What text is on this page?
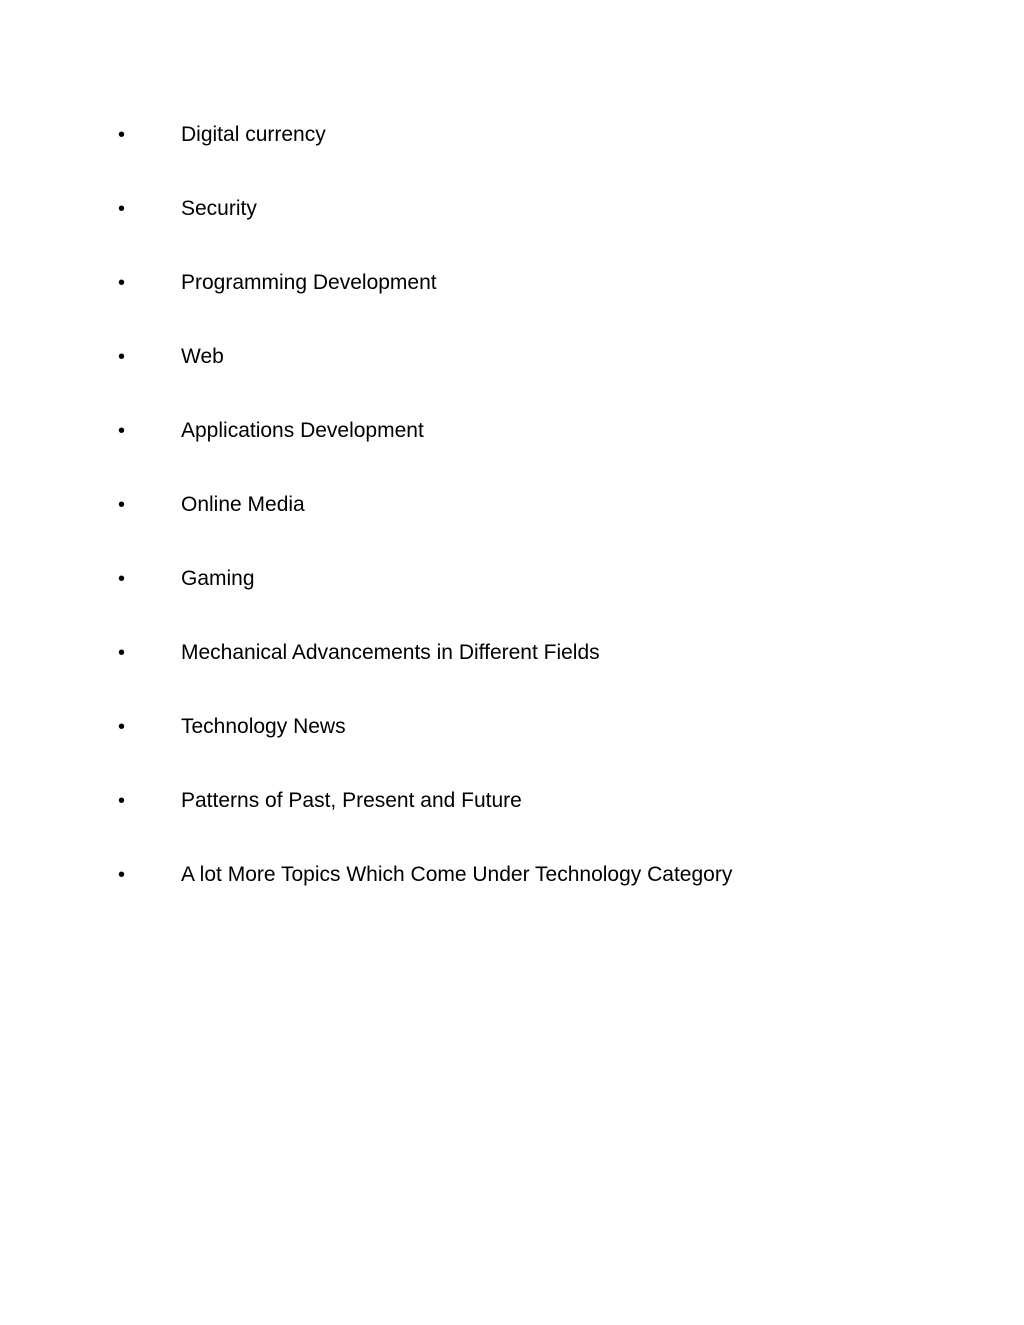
•	Digital currency
•	Security
•	Programming Development
•	Web
•	Applications Development
•	Online Media
•	Gaming
•	Mechanical Advancements in Different Fields
•	Technology News
•	Patterns of Past, Present and Future
•	A lot More Topics Which Come Under Technology Category
